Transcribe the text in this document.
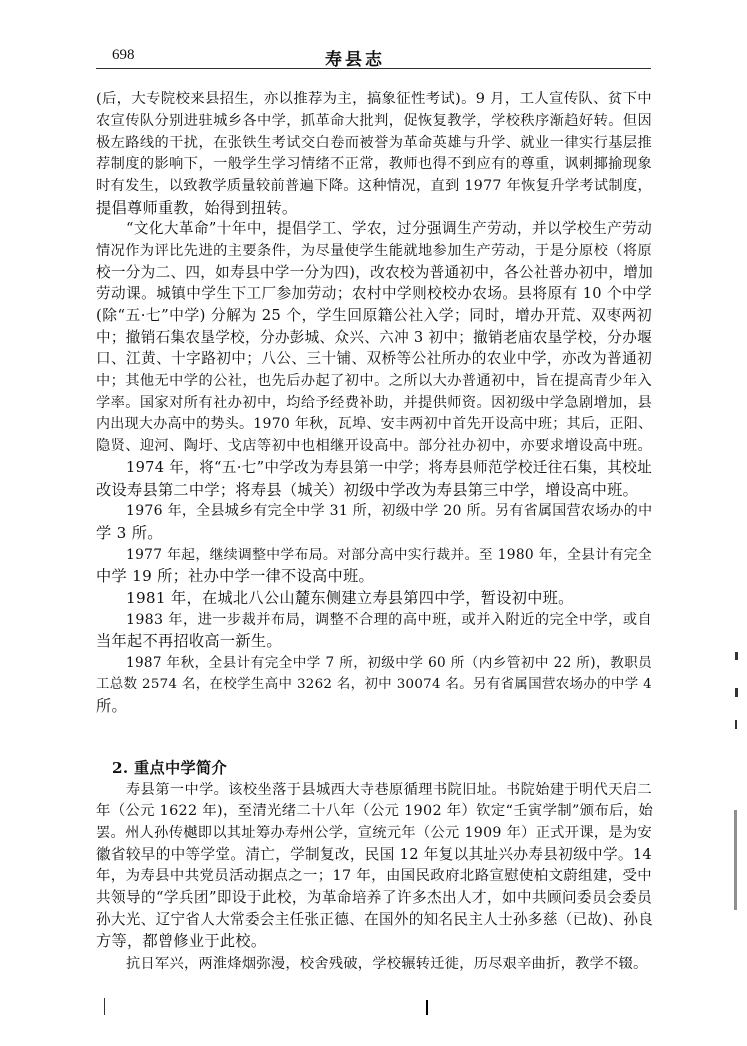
698	寿县志
(后，大专院校来县招生，亦以推荐为主，搞象征性考试)。9 月，工人宣传队、贫下中
农宣传队分别进驻城乡各中学，抓革命大批判，促恢复教学，学校秩序渐趋好转。但因
极左路线的干扰，在张铁生考试交白卷而被誉为革命英雄与升学、就业一律实行基层推
荐制度的影响下，一般学生学习情绪不正常，教师也得不到应有的尊重，讽刺揶揄现象
时有发生，以致教学质量较前普遍下降。这种情况，直到 1977 年恢复升学考试制度，
提倡尊师重教，始得到扭转。
“文化大革命”十年中，提倡学工、学农，过分强调生产劳动，并以学校生产劳动
情况作为评比先进的主要条件，为尽量使学生能就地参加生产劳动，于是分原校（将原
校一分为二、四，如寿县中学一分为四)，改农校为普通初中，各公社普办初中，增加
劳动课。城镇中学生下工厂参加劳动；农村中学则校校办农场。县将原有 10 个中学
(除“五·七”中学) 分解为 25 个，学生回原籍公社入学；同时，增办开荒、双枣两初
中；撤销石集农垦学校，分办彭城、众兴、六冲 3 初中；撤销老庙农垦学校，分办堰
口、江黄、十字路初中；八公、三十铺、双桥等公社所办的农业中学，亦改为普通初
中；其他无中学的公社，也先后办起了初中。之所以大办普通初中，旨在提高青少年入
学率。国家对所有社办初中，均给予经费补助，并提供师资。因初级中学急剧增加，县
内出现大办高中的势头。1970 年秋，瓦埠、安丰两初中首先开设高中班；其后，正阳、
隐贤、迎河、陶圩、戈店等初中也相继开设高中。部分社办初中，亦要求增设高中班。
1974 年，将“五·七”中学改为寿县第一中学；将寿县师范学校迁往石集，其校址
改设寿县第二中学；将寿县（城关）初级中学改为寿县第三中学，增设高中班。
1976 年，全县城乡有完全中学 31 所，初级中学 20 所。另有省属国营农场办的中
学 3 所。
1977 年起，继续调整中学布局。对部分高中实行裁并。至 1980 年，全县计有完全
中学 19 所；社办中学一律不设高中班。
1981 年，在城北八公山麓东侧建立寿县第四中学，暂设初中班。
1983 年，进一步裁并布局，调整不合理的高中班，或并入附近的完全中学，或自
当年起不再招收高一新生。
1987 年秋，全县计有完全中学 7 所，初级中学 60 所（内乡管初中 22 所)，教职员
工总数 2574 名，在校学生高中 3262 名，初中 30074 名。另有省属国营农场办的中学 4
所。
2. 重点中学简介
寿县第一中学。该校坐落于县城西大寺巷原循理书院旧址。书院始建于明代天启二
年（公元 1622 年)，至清光绪二十八年（公元 1902 年）钦定“壬寅学制”颁布后，始
罢。州人孙传樾即以其址筹办寿州公学，宣统元年（公元 1909 年）正式开课，是为安
徽省较早的中等学堂。清亡，学制复改，民国 12 年复以其址兴办寿县初级中学。14
年，为寿县中共党员活动据点之一；17 年，由国民政府北路宣慰使柏文蔚组建，受中
共领导的“学兵团”即设于此校，为革命培养了许多杰出人才，如中共顾问委员会委员
孙大光、辽宁省人大常委会主任张正德、在国外的知名民主人士孙多慈（已故)、孙良
方等，都曾修业于此校。
抗日军兴，两淮烽烟弥漫，校舍残破，学校辗转迁徙，历尽艰辛曲折，教学不辍。
